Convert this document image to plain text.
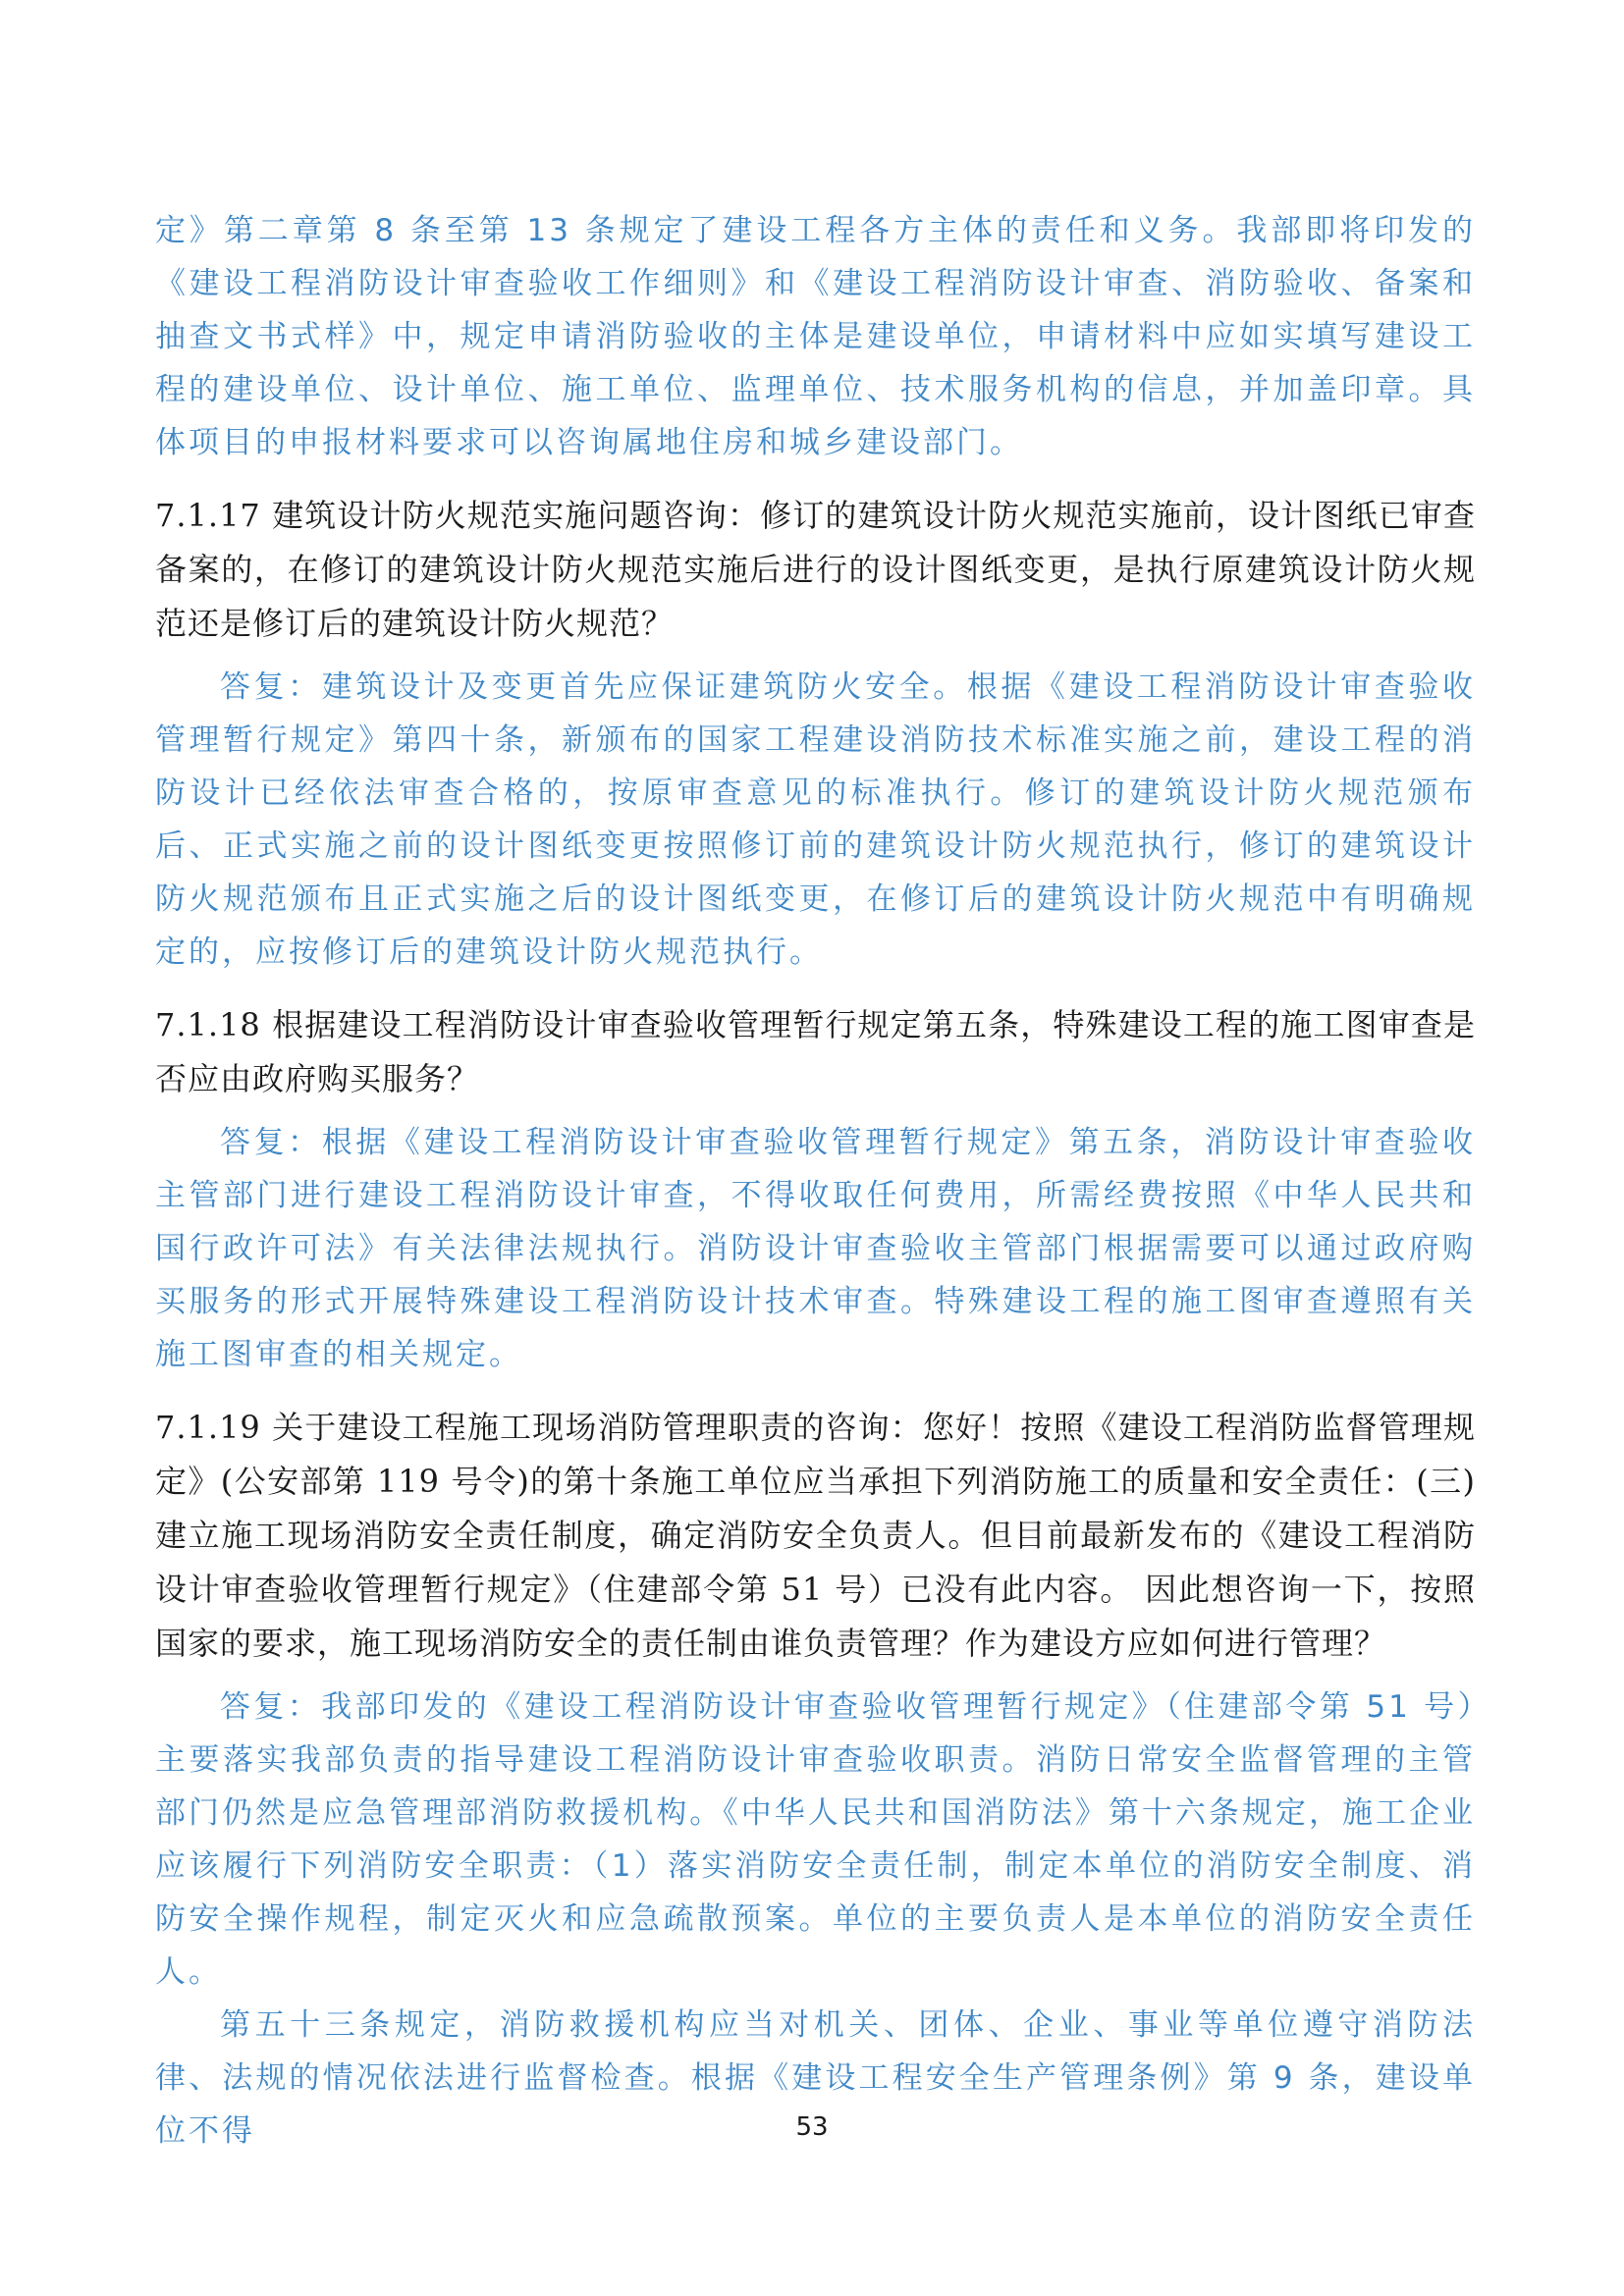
定》第二章第 8 条至第 13 条规定了建设工程各方主体的责任和义务。我部即将印发的《建设工程消防设计审查验收工作细则》和《建设工程消防设计审查、消防验收、备案和抽查文书式样》中，规定申请消防验收的主体是建设单位，申请材料中应如实填写建设工程的建设单位、设计单位、施工单位、监理单位、技术服务机构的信息，并加盖印章。具体项目的申报材料要求可以咨询属地住房和城乡建设部门。

7.1.17 建筑设计防火规范实施问题咨询：修订的建筑设计防火规范实施前，设计图纸已审查备案的，在修订的建筑设计防火规范实施后进行的设计图纸变更，是执行原建筑设计防火规范还是修订后的建筑设计防火规范？

答复：建筑设计及变更首先应保证建筑防火安全。根据《建设工程消防设计审查验收管理暂行规定》第四十条，新颁布的国家工程建设消防技术标准实施之前，建设工程的消防设计已经依法审查合格的，按原审查意见的标准执行。修订的建筑设计防火规范颁布后、正式实施之前的设计图纸变更按照修订前的建筑设计防火规范执行，修订的建筑设计防火规范颁布且正式实施之后的设计图纸变更，在修订后的建筑设计防火规范中有明确规定的，应按修订后的建筑设计防火规范执行。

7.1.18 根据建设工程消防设计审查验收管理暂行规定第五条，特殊建设工程的施工图审查是否应由政府购买服务？

答复：根据《建设工程消防设计审查验收管理暂行规定》第五条，消防设计审查验收主管部门进行建设工程消防设计审查，不得收取任何费用，所需经费按照《中华人民共和国行政许可法》有关法律法规执行。消防设计审查验收主管部门根据需要可以通过政府购买服务的形式开展特殊建设工程消防设计技术审查。特殊建设工程的施工图审查遵照有关施工图审查的相关规定。

7.1.19 关于建设工程施工现场消防管理职责的咨询：您好！按照《建设工程消防监督管理规定》(公安部第 119 号令)的第十条施工单位应当承担下列消防施工的质量和安全责任：(三)建立施工现场消防安全责任制度，确定消防安全负责人。但目前最新发布的《建设工程消防设计审查验收管理暂行规定》（住建部令第 51 号）已没有此内容。 因此想咨询一下，按照国家的要求，施工现场消防安全的责任制由谁负责管理？作为建设方应如何进行管理？

答复：我部印发的《建设工程消防设计审查验收管理暂行规定》（住建部令第 51 号）主要落实我部负责的指导建设工程消防设计审查验收职责。消防日常安全监督管理的主管部门仍然是应急管理部消防救援机构。《中华人民共和国消防法》第十六条规定，施工企业应该履行下列消防安全职责：（1）落实消防安全责任制，制定本单位的消防安全制度、消防安全操作规程，制定灭火和应急疏散预案。单位的主要负责人是本单位的消防安全责任人。

第五十三条规定，消防救援机构应当对机关、团体、企业、事业等单位遵守消防法律、法规的情况依法进行监督检查。根据《建设工程安全生产管理条例》第 9 条，建设单位不得	53
